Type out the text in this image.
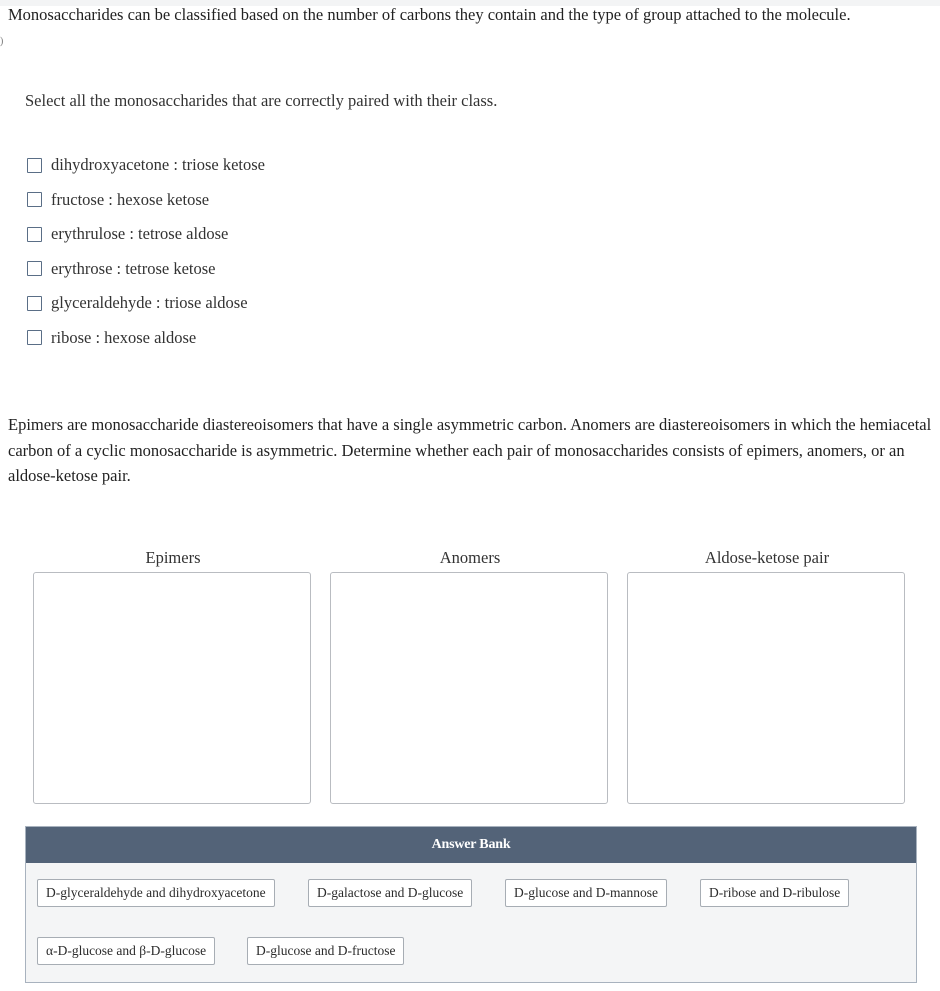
Monosaccharides can be classified based on the number of carbons they contain and the type of group attached to the molecule.
)
Select all the monosaccharides that are correctly paired with their class.
dihydroxyacetone : triose ketose
fructose : hexose ketose
erythrulose : tetrose aldose
erythrose : tetrose ketose
glyceraldehyde : triose aldose
ribose : hexose aldose
Epimers are monosaccharide diastereoisomers that have a single asymmetric carbon. Anomers are diastereoisomers in which the hemiacetal carbon of a cyclic monosaccharide is asymmetric. Determine whether each pair of monosaccharides consists of epimers, anomers, or an aldose-ketose pair.
Epimers	Anomers	Aldose-ketose pair
Answer Bank
D-glyceraldehyde and dihydroxyacetone	D-galactose and D-glucose	D-glucose and D-mannose	D-ribose and D-ribulose
α-D-glucose and β-D-glucose	D-glucose and D-fructose
